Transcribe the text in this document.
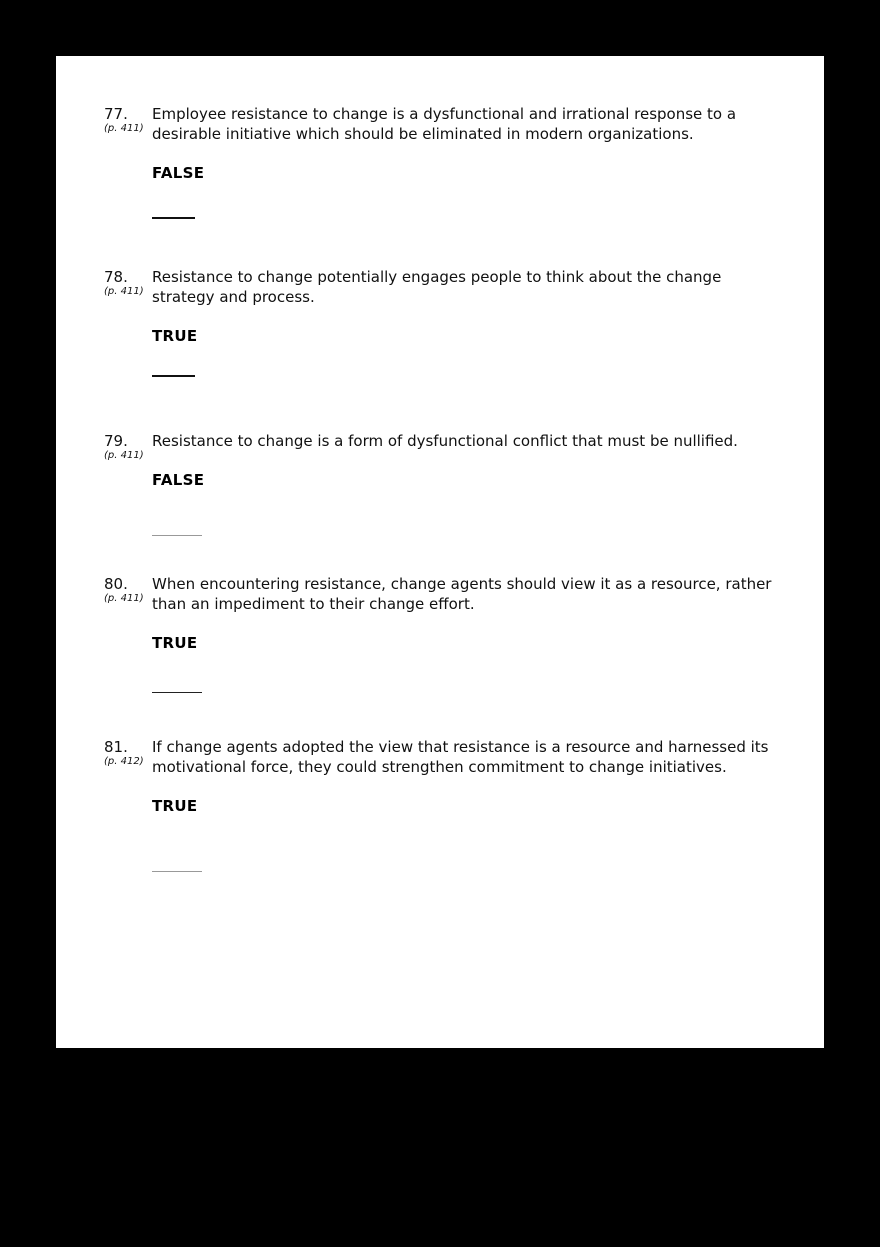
77.
(p. 411)
Employee resistance to change is a dysfunctional and irrational response to a desirable initiative which should be eliminated in modern organizations.
FALSE
78.
(p. 411)
Resistance to change potentially engages people to think about the change strategy and process.
TRUE
79.
(p. 411)
Resistance to change is a form of dysfunctional conflict that must be nullified.
FALSE
80.
(p. 411)
When encountering resistance, change agents should view it as a resource, rather than an impediment to their change effort.
TRUE
81.
(p. 412)
If change agents adopted the view that resistance is a resource and harnessed its motivational force, they could strengthen commitment to change initiatives.
TRUE
